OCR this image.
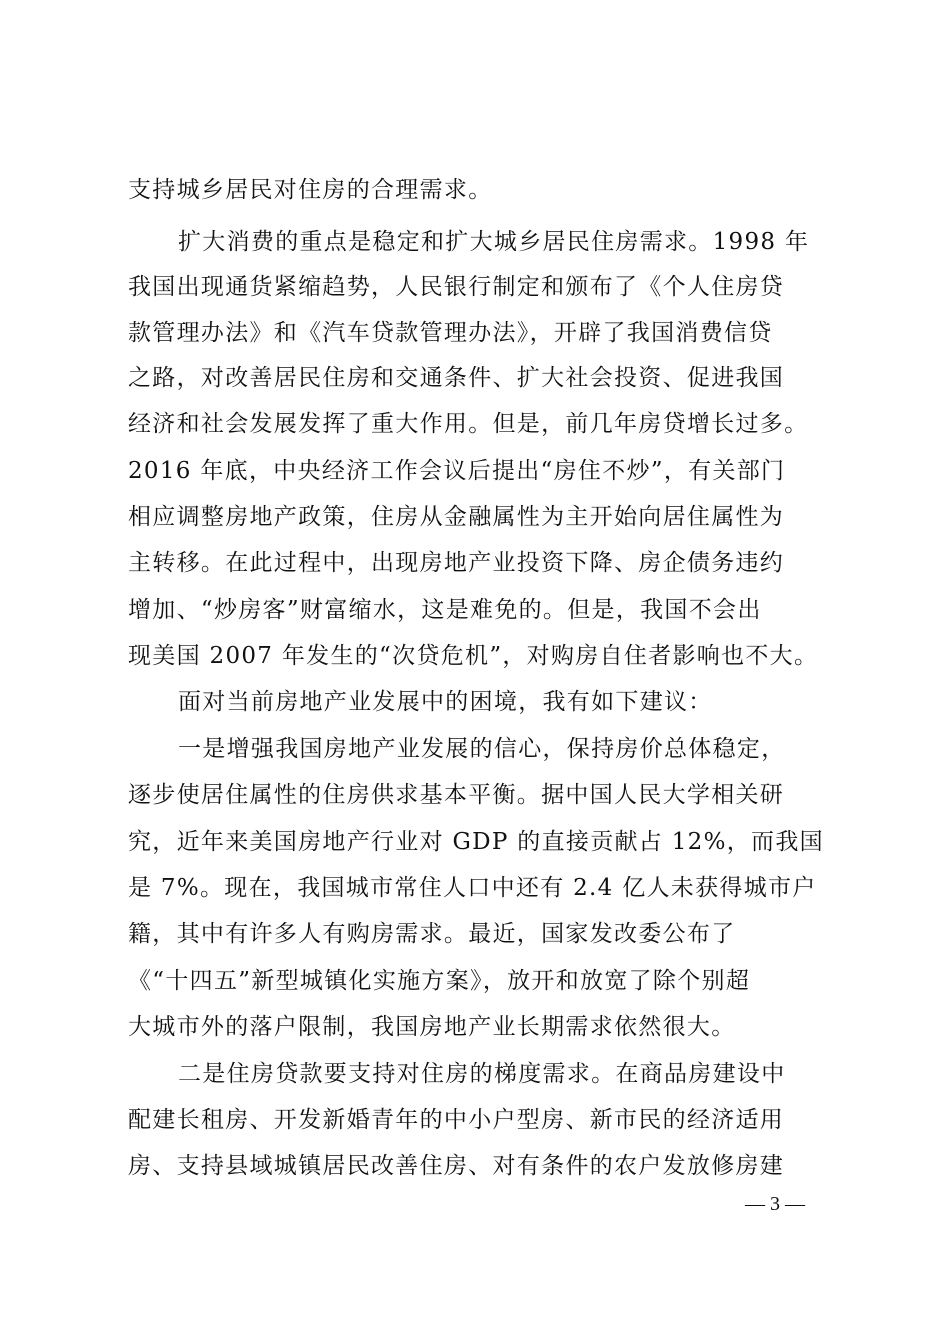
支持城乡居民对住房的合理需求。
扩大消费的重点是稳定和扩大城乡居民住房需求。1998 年
我国出现通货紧缩趋势，人民银行制定和颁布了《个人住房贷
款管理办法》和《汽车贷款管理办法》，开辟了我国消费信贷
之路，对改善居民住房和交通条件、扩大社会投资、促进我国
经济和社会发展发挥了重大作用。但是，前几年房贷增长过多。
2016 年底，中央经济工作会议后提出“房住不炒”，有关部门
相应调整房地产政策，住房从金融属性为主开始向居住属性为
主转移。在此过程中，出现房地产业投资下降、房企债务违约
增加、“炒房客”财富缩水，这是难免的。但是，我国不会出
现美国 2007 年发生的“次贷危机”，对购房自住者影响也不大。
面对当前房地产业发展中的困境，我有如下建议：
一是增强我国房地产业发展的信心，保持房价总体稳定，
逐步使居住属性的住房供求基本平衡。据中国人民大学相关研
究，近年来美国房地产行业对 GDP 的直接贡献占 12%，而我国
是 7%。现在，我国城市常住人口中还有 2.4 亿人未获得城市户
籍，其中有许多人有购房需求。最近，国家发改委公布了
《“十四五”新型城镇化实施方案》，放开和放宽了除个别超
大城市外的落户限制，我国房地产业长期需求依然很大。
二是住房贷款要支持对住房的梯度需求。在商品房建设中
配建长租房、开发新婚青年的中小户型房、新市民的经济适用
房、支持县域城镇居民改善住房、对有条件的农户发放修房建
— 3 —
